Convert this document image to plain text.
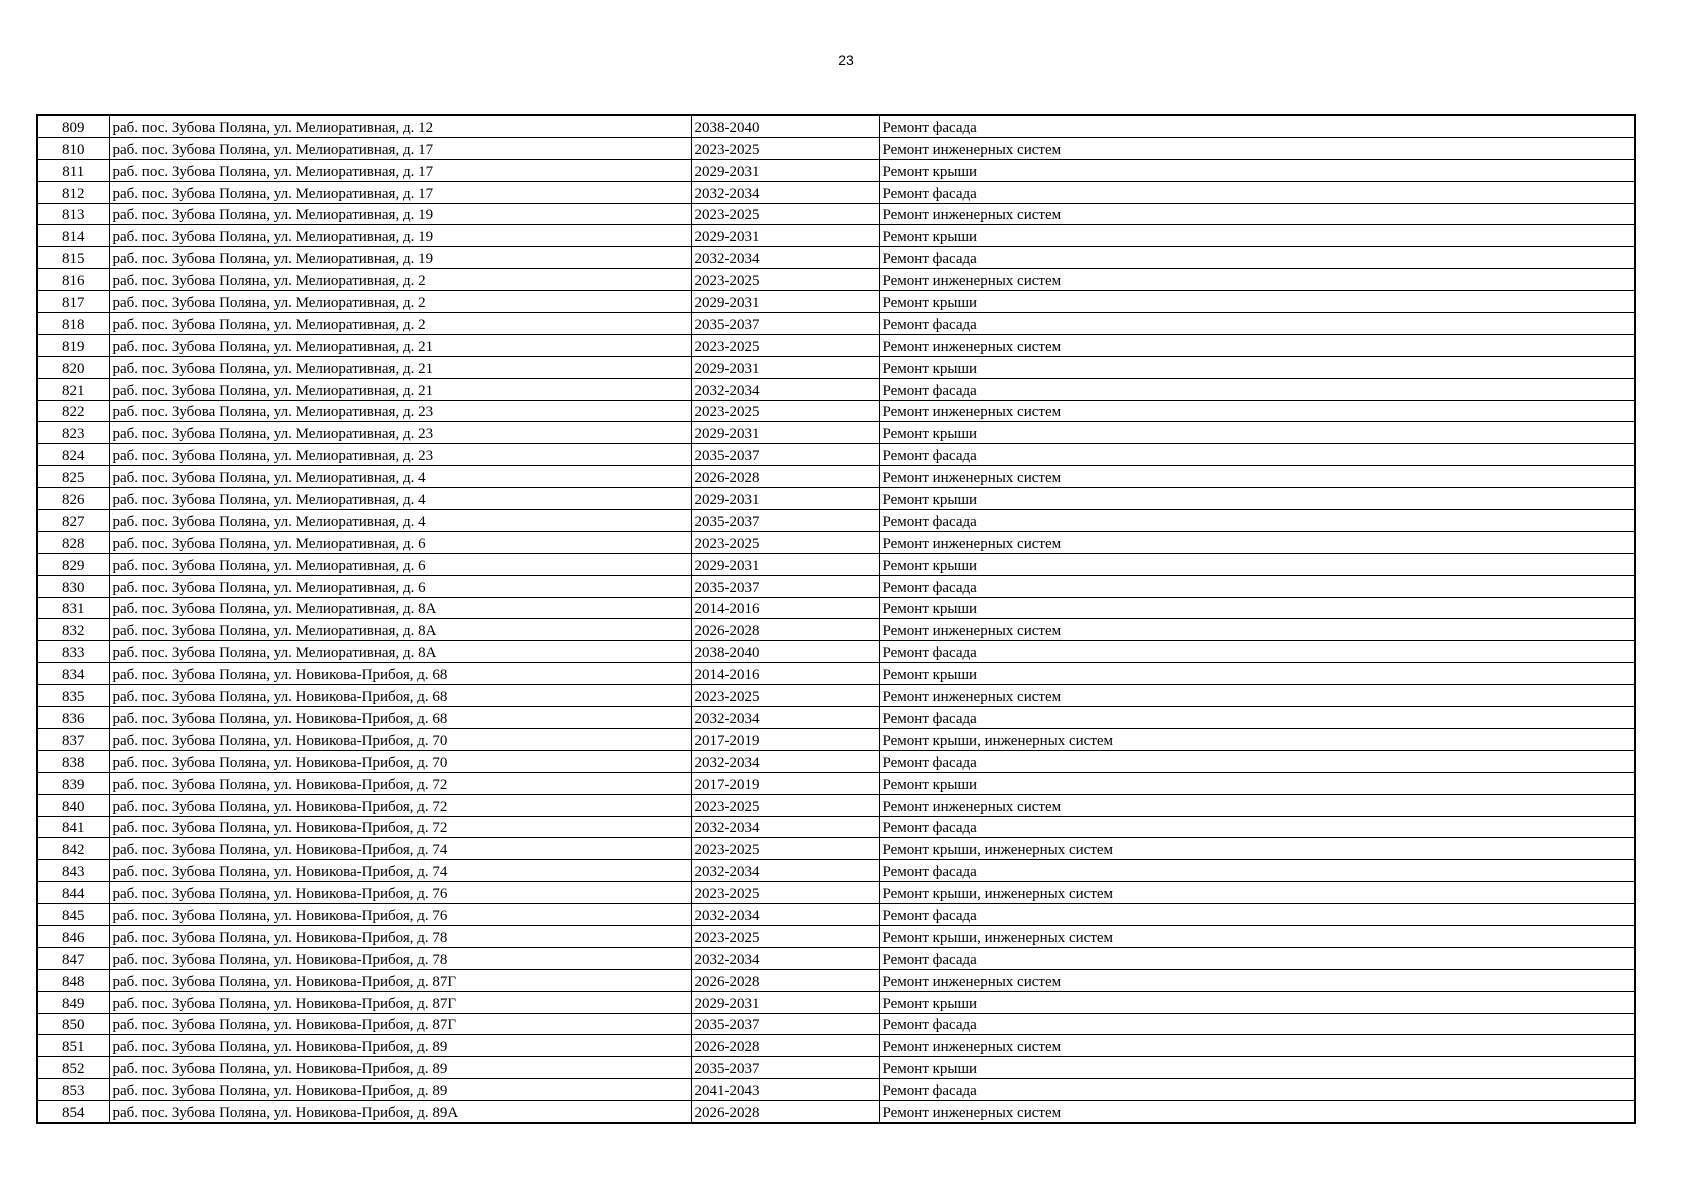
23
809	раб. пос. Зубова Поляна, ул. Мелиоративная, д. 12	2038-2040	Ремонт фасада
810	раб. пос. Зубова Поляна, ул. Мелиоративная, д. 17	2023-2025	Ремонт инженерных систем
811	раб. пос. Зубова Поляна, ул. Мелиоративная, д. 17	2029-2031	Ремонт крыши
812	раб. пос. Зубова Поляна, ул. Мелиоративная, д. 17	2032-2034	Ремонт фасада
813	раб. пос. Зубова Поляна, ул. Мелиоративная, д. 19	2023-2025	Ремонт инженерных систем
814	раб. пос. Зубова Поляна, ул. Мелиоративная, д. 19	2029-2031	Ремонт крыши
815	раб. пос. Зубова Поляна, ул. Мелиоративная, д. 19	2032-2034	Ремонт фасада
816	раб. пос. Зубова Поляна, ул. Мелиоративная, д. 2	2023-2025	Ремонт инженерных систем
817	раб. пос. Зубова Поляна, ул. Мелиоративная, д. 2	2029-2031	Ремонт крыши
818	раб. пос. Зубова Поляна, ул. Мелиоративная, д. 2	2035-2037	Ремонт фасада
819	раб. пос. Зубова Поляна, ул. Мелиоративная, д. 21	2023-2025	Ремонт инженерных систем
820	раб. пос. Зубова Поляна, ул. Мелиоративная, д. 21	2029-2031	Ремонт крыши
821	раб. пос. Зубова Поляна, ул. Мелиоративная, д. 21	2032-2034	Ремонт фасада
822	раб. пос. Зубова Поляна, ул. Мелиоративная, д. 23	2023-2025	Ремонт инженерных систем
823	раб. пос. Зубова Поляна, ул. Мелиоративная, д. 23	2029-2031	Ремонт крыши
824	раб. пос. Зубова Поляна, ул. Мелиоративная, д. 23	2035-2037	Ремонт фасада
825	раб. пос. Зубова Поляна, ул. Мелиоративная, д. 4	2026-2028	Ремонт инженерных систем
826	раб. пос. Зубова Поляна, ул. Мелиоративная, д. 4	2029-2031	Ремонт крыши
827	раб. пос. Зубова Поляна, ул. Мелиоративная, д. 4	2035-2037	Ремонт фасада
828	раб. пос. Зубова Поляна, ул. Мелиоративная, д. 6	2023-2025	Ремонт инженерных систем
829	раб. пос. Зубова Поляна, ул. Мелиоративная, д. 6	2029-2031	Ремонт крыши
830	раб. пос. Зубова Поляна, ул. Мелиоративная, д. 6	2035-2037	Ремонт фасада
831	раб. пос. Зубова Поляна, ул. Мелиоративная, д. 8А	2014-2016	Ремонт крыши
832	раб. пос. Зубова Поляна, ул. Мелиоративная, д. 8А	2026-2028	Ремонт инженерных систем
833	раб. пос. Зубова Поляна, ул. Мелиоративная, д. 8А	2038-2040	Ремонт фасада
834	раб. пос. Зубова Поляна, ул. Новикова-Прибоя, д. 68	2014-2016	Ремонт крыши
835	раб. пос. Зубова Поляна, ул. Новикова-Прибоя, д. 68	2023-2025	Ремонт инженерных систем
836	раб. пос. Зубова Поляна, ул. Новикова-Прибоя, д. 68	2032-2034	Ремонт фасада
837	раб. пос. Зубова Поляна, ул. Новикова-Прибоя, д. 70	2017-2019	Ремонт крыши, инженерных систем
838	раб. пос. Зубова Поляна, ул. Новикова-Прибоя, д. 70	2032-2034	Ремонт фасада
839	раб. пос. Зубова Поляна, ул. Новикова-Прибоя, д. 72	2017-2019	Ремонт крыши
840	раб. пос. Зубова Поляна, ул. Новикова-Прибоя, д. 72	2023-2025	Ремонт инженерных систем
841	раб. пос. Зубова Поляна, ул. Новикова-Прибоя, д. 72	2032-2034	Ремонт фасада
842	раб. пос. Зубова Поляна, ул. Новикова-Прибоя, д. 74	2023-2025	Ремонт крыши, инженерных систем
843	раб. пос. Зубова Поляна, ул. Новикова-Прибоя, д. 74	2032-2034	Ремонт фасада
844	раб. пос. Зубова Поляна, ул. Новикова-Прибоя, д. 76	2023-2025	Ремонт крыши, инженерных систем
845	раб. пос. Зубова Поляна, ул. Новикова-Прибоя, д. 76	2032-2034	Ремонт фасада
846	раб. пос. Зубова Поляна, ул. Новикова-Прибоя, д. 78	2023-2025	Ремонт крыши, инженерных систем
847	раб. пос. Зубова Поляна, ул. Новикова-Прибоя, д. 78	2032-2034	Ремонт фасада
848	раб. пос. Зубова Поляна, ул. Новикова-Прибоя, д. 87Г	2026-2028	Ремонт инженерных систем
849	раб. пос. Зубова Поляна, ул. Новикова-Прибоя, д. 87Г	2029-2031	Ремонт крыши
850	раб. пос. Зубова Поляна, ул. Новикова-Прибоя, д. 87Г	2035-2037	Ремонт фасада
851	раб. пос. Зубова Поляна, ул. Новикова-Прибоя, д. 89	2026-2028	Ремонт инженерных систем
852	раб. пос. Зубова Поляна, ул. Новикова-Прибоя, д. 89	2035-2037	Ремонт крыши
853	раб. пос. Зубова Поляна, ул. Новикова-Прибоя, д. 89	2041-2043	Ремонт фасада
854	раб. пос. Зубова Поляна, ул. Новикова-Прибоя, д. 89А	2026-2028	Ремонт инженерных систем
